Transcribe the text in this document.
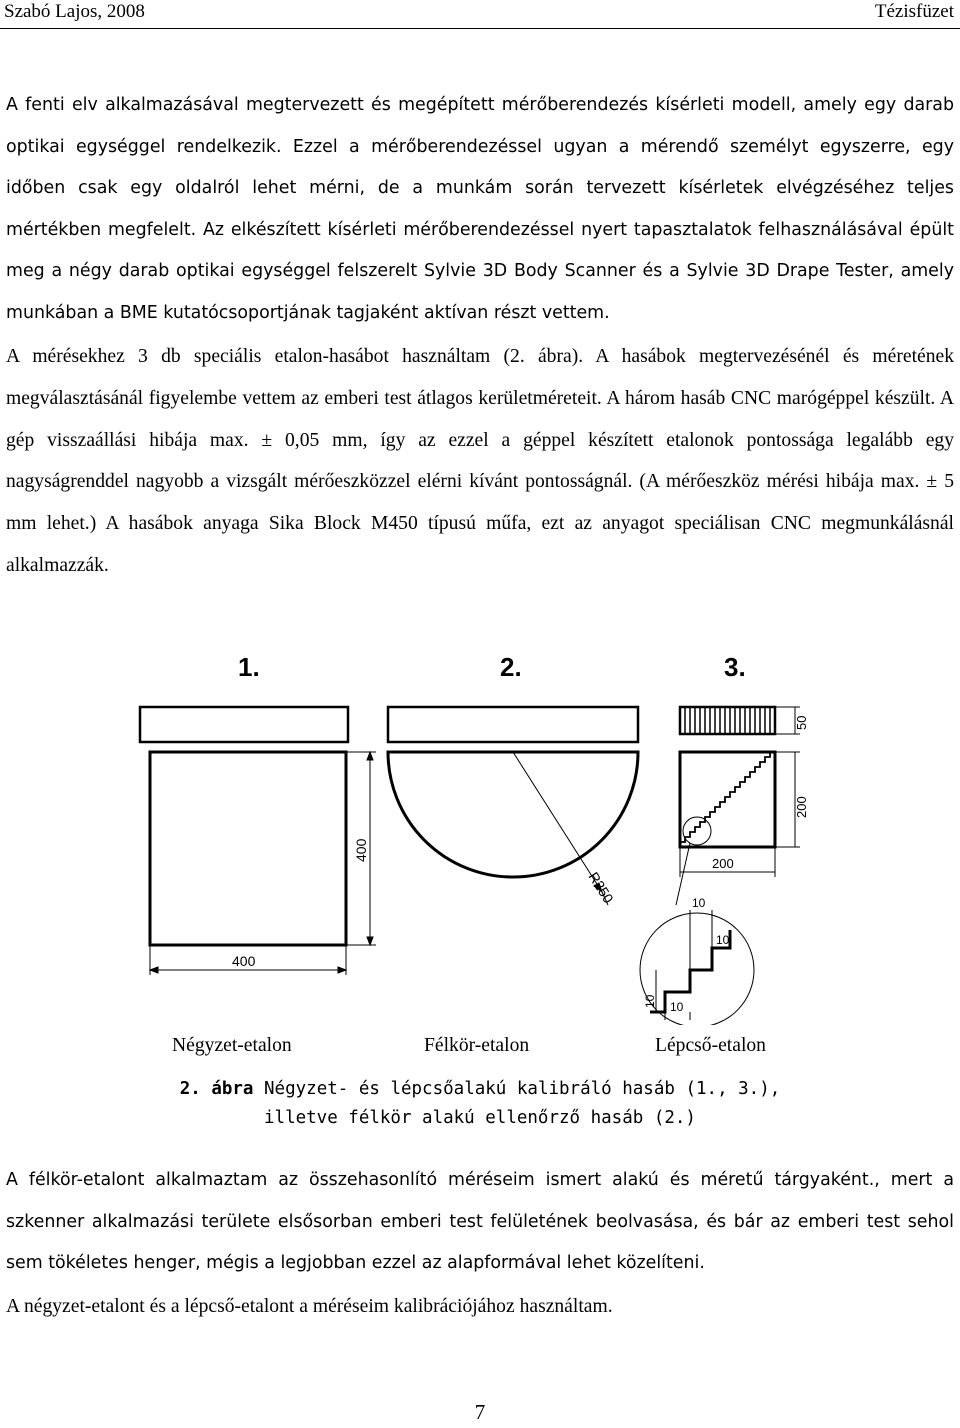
Szabó Lajos, 2008	Tézisfüzet

A fenti elv alkalmazásával megtervezett és megépített mérőberendezés kísérleti modell, amely egy darab optikai egységgel rendelkezik. Ezzel a mérőberendezéssel ugyan a mérendő személyt egyszerre, egy időben csak egy oldalról lehet mérni, de a munkám során tervezett kísérletek elvégzéséhez teljes mértékben megfelelt. Az elkészített kísérleti mérőberendezéssel nyert tapasztalatok felhasználásával épült meg a négy darab optikai egységgel felszerelt Sylvie 3D Body Scanner és a Sylvie 3D Drape Tester, amely munkában a BME kutatócsoportjának tagjaként aktívan részt vettem.

A mérésekhez 3 db speciális etalon-hasábot használtam (2. ábra). A hasábok megtervezésénél és méretének megválasztásánál figyelembe vettem az emberi test átlagos kerületméreteit. A három hasáb CNC marógéppel készült. A gép visszaállási hibája max. ± 0,05 mm, így az ezzel a géppel készített etalonok pontossága legalább egy nagyságrenddel nagyobb a vizsgált mérőeszközzel elérni kívánt pontosságnál. (A mérőeszköz mérési hibája max. ± 5 mm lehet.) A hasábok anyaga Sika Block M450 típusú műfa, ezt az anyagot speciálisan CNC megmunkálásnál alkalmazzák.

1.	2.	3.
400
400
R250
50
200
200
10
10
10 10
Négyzet-etalon	Félkör-etalon	Lépcső-etalon
2. ábra Négyzet- és lépcsőalakú kalibráló hasáb (1., 3.),
illetve félkör alakú ellenőrző hasáb (2.)

A félkör-etalont alkalmaztam az összehasonlító méréseim ismert alakú és méretű tárgyaként., mert a szkenner alkalmazási területe elsősorban emberi test felületének beolvasása, és bár az emberi test sehol sem tökéletes henger, mégis a legjobban ezzel az alapformával lehet közelíteni.

A négyzet-etalont és a lépcső-etalont a méréseim kalibrációjához használtam.

7
